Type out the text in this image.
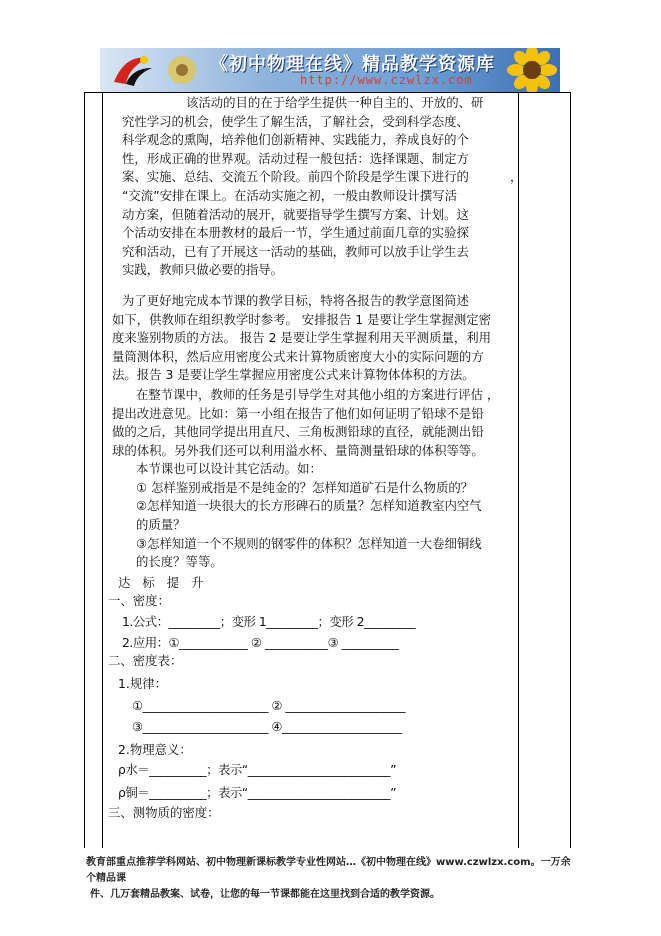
《初中物理在线》精品教学资源库
http://www.czwlzx.com

该活动的目的在于给学生提供一种自主的、开放的、研

究性学习的机会，使学生了解生活，了解社会，受到科学态度、

科学观念的熏陶，培养他们创新精神、实践能力，养成良好的个

性，形成正确的世界观。活动过程一般包括：选择课题、制定方

案、实施、总结、交流五个阶段。前四个阶段是学生课下进行的	，

“交流”安排在课上。在活动实施之初，一般由教师设计撰写活

动方案，但随着活动的展开，就要指导学生撰写方案、计划。这

个活动安排在本册教材的最后一节，学生通过前面几章的实验探

究和活动，已有了开展这一活动的基础，教师可以放手让学生去

实践，教师只做必要的指导。

为了更好地完成本节课的教学目标，特将各报告的教学意图简述

如下，供教师在组织教学时参考。 安排报告 1 是要让学生掌握测定密

度来鉴别物质的方法。 报告 2 是要让学生掌握利用天平测质量，利用

量筒测体积，然后应用密度公式来计算物质密度大小的实际问题的方

法。报告 3 是要让学生掌握应用密度公式来计算物体体积的方法。

在整节课中，教师的任务是引导学生对其他小组的方案进行评估 ，

提出改进意见。比如：第一小组在报告了他们如何证明了铅球不是铅

做的之后，其他同学提出用直尺、三角板测铅球的直径，就能测出铅

球的体积。另外我们还可以利用溢水杯、量筒测量铅球的体积等等。

本节课也可以设计其它活动。如：

① 怎样鉴别戒指是不是纯金的？怎样知道矿石是什么物质的？

②怎样知道一块很大的长方形碑石的质量？怎样知道教室内空气

的质量？

③怎样知道一个不规则的钢零件的体积？怎样知道一大卷细铜线

的长度？等等。

达标提升

一、密度：

1.公式：_________；变形 1_________；变形 2_________

2.应用：①____________ ② ___________③ __________

二、密度表：

1.规律：

①______________________ ② _____________________

③______________________ ④_____________________

2.物理意义：

ρ水＝__________；表示“_________________________”

ρ铜＝__________；表示“_________________________”

三、测物质的密度：

教育部重点推荐学科网站、初中物理新课标教学专业性网站…《初中物理在线》www.czwlzx.com。一万余个精品课
件、几万套精品教案、试卷，让您的每一节课都能在这里找到合适的教学资源。
